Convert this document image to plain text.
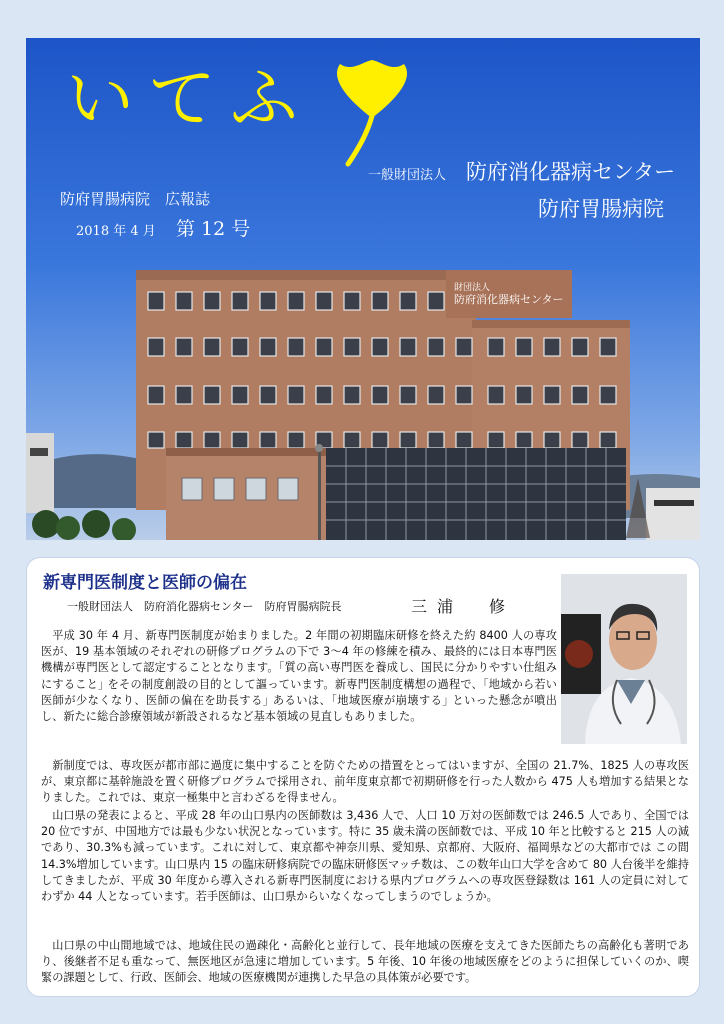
財団法人
防府消化器病センター
いてふ
一般財団法人 防府消化器病センター
防府胃腸病院
防府胃腸病院　広報誌
2018 年 4 月 第 12 号
新専門医制度と医師の偏在
一般財団法人　防府消化器病センター　防府胃腸病院長	三浦　修

平成 30 年 4 月、新専門医制度が始まりました。2 年間の初期臨床研修を終えた約 8400 人の専攻医が、19 基本領域のそれぞれの研修プログラムの下で 3～4 年の修練を積み、最終的には日本専門医機構が専門医として認定することとなります。｢質の高い専門医を養成し、国民に分かりやすい仕組みにすること｣ をその制度創設の目的として謳っています。新専門医制度構想の過程で、｢地域から若い医師が少なくなり、医師の偏在を助長する｣ あるいは、｢地域医療が崩壊する｣ といった懸念が噴出し、新たに総合診療領域が新設されるなど基本領域の見直しもありました。

新制度では、専攻医が都市部に過度に集中することを防ぐための措置をとってはいますが、全国の 21.7%、1825 人の専攻医が、東京都に基幹施設を置く研修プログラムで採用され、前年度東京都で初期研修を行った人数から 475 人も増加する結果となりました。これでは、東京一極集中と言わざるを得ません。

山口県の発表によると、平成 28 年の山口県内の医師数は 3,436 人で、人口 10 万対の医師数では 246.5 人であり、全国では 20 位ですが、中国地方では最も少ない状況となっています。特に 35 歳未満の医師数では、平成 10 年と比較すると 215 人の減であり、30.3%も減っています。これに対して、東京都や神奈川県、愛知県、京都府、大阪府、福岡県などの大都市では この間 14.3%増加しています。山口県内 15 の臨床研修病院での臨床研修医マッチ数は、この数年山口大学を含めて 80 人台後半を維持してきましたが、平成 30 年度から導入される新専門医制度における県内プログラムへの専攻医登録数は 161 人の定員に対してわずか 44 人となっています。若手医師は、山口県からいなくなってしまうのでしょうか。

山口県の中山間地域では、地域住民の過疎化・高齢化と並行して、長年地域の医療を支えてきた医師たちの高齢化も著明であり、後継者不足も重なって、無医地区が急速に増加しています。5 年後、10 年後の地域医療をどのように担保していくのか、喫緊の課題として、行政、医師会、地域の医療機関が連携した早急の具体策が必要です。
